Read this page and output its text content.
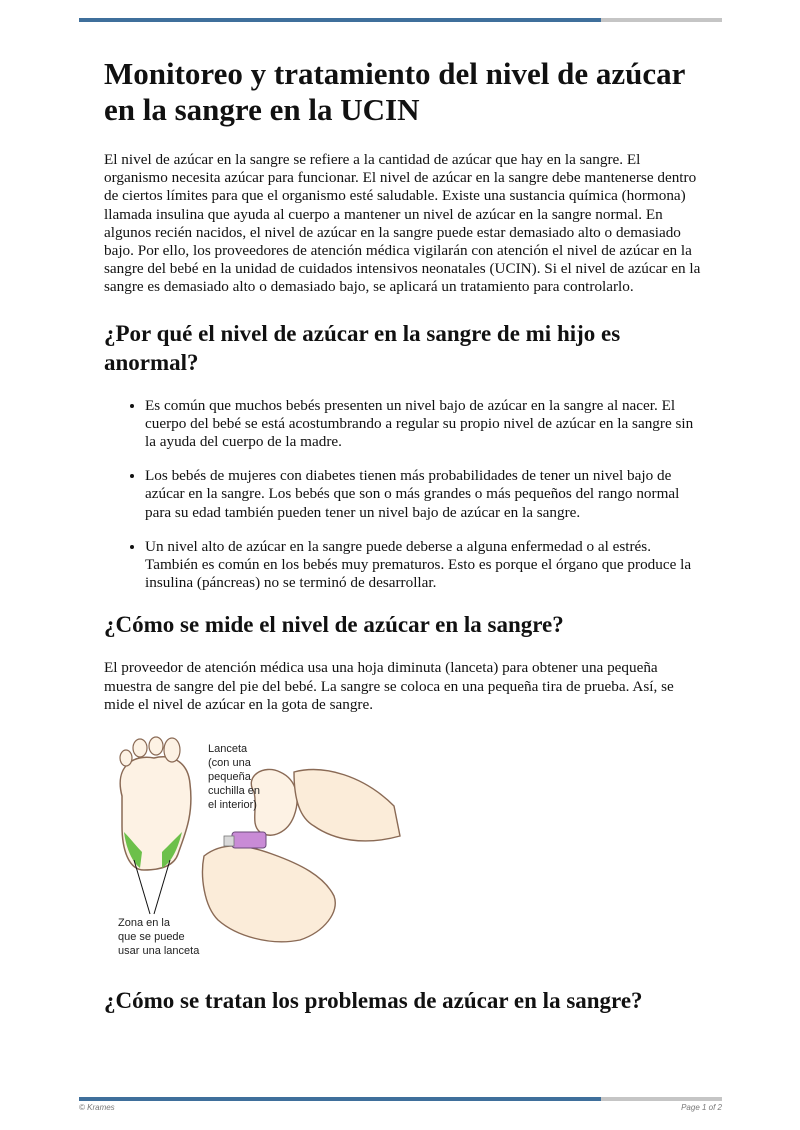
Monitoreo y tratamiento del nivel de azúcar en la sangre en la UCIN

El nivel de azúcar en la sangre se refiere a la cantidad de azúcar que hay en la sangre. El organismo necesita azúcar para funcionar. El nivel de azúcar en la sangre debe mantenerse dentro de ciertos límites para que el organismo esté saludable. Existe una sustancia química (hormona) llamada insulina que ayuda al cuerpo a mantener un nivel de azúcar en la sangre normal. En algunos recién nacidos, el nivel de azúcar en la sangre puede estar demasiado alto o demasiado bajo. Por ello, los proveedores de atención médica vigilarán con atención el nivel de azúcar en la sangre del bebé en la unidad de cuidados intensivos neonatales (UCIN). Si el nivel de azúcar en la sangre es demasiado alto o demasiado bajo, se aplicará un tratamiento para controlarlo.

¿Por qué el nivel de azúcar en la sangre de mi hijo es anormal?
• Es común que muchos bebés presenten un nivel bajo de azúcar en la sangre al nacer. El cuerpo del bebé se está acostumbrando a regular su propio nivel de azúcar en la sangre sin la ayuda del cuerpo de la madre.
• Los bebés de mujeres con diabetes tienen más probabilidades de tener un nivel bajo de azúcar en la sangre. Los bebés que son o más grandes o más pequeños del rango normal para su edad también pueden tener un nivel bajo de azúcar en la sangre.
• Un nivel alto de azúcar en la sangre puede deberse a alguna enfermedad o al estrés. También es común en los bebés muy prematuros. Esto es porque el órgano que produce la insulina (páncreas) no se terminó de desarrollar.
¿Cómo se mide el nivel de azúcar en la sangre?

El proveedor de atención médica usa una hoja diminuta (lanceta) para obtener una pequeña muestra de sangre del pie del bebé. La sangre se coloca en una pequeña tira de prueba. Así, se mide el nivel de azúcar en la gota de sangre.

Lanceta
(con una
pequeña
cuchilla en
el interior)
Zona en la
que se puede
usar una lanceta
¿Cómo se tratan los problemas de azúcar en la sangre?
© Krames	Page 1 of 2
